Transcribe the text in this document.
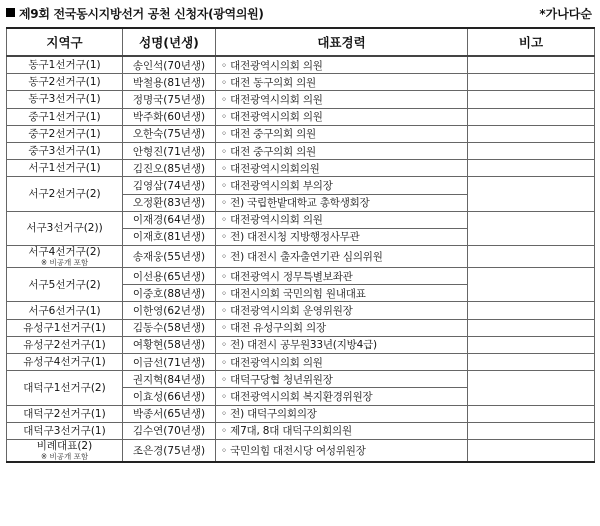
제9회 전국동시지방선거 공천 신청자(광역의원)	*가나다순
지역구	성명(년생)	대표경력	비고

동구1선거구(1)	송인석(70년생)	◦ 대전광역시의회 의원	

동구2선거구(1)	박철용(81년생)	◦ 대전 동구의회 의원	

동구3선거구(1)	정명국(75년생)	◦ 대전광역시의회 의원	

중구1선거구(1)	박주화(60년생)	◦ 대전광역시의회 의원	

중구2선거구(1)	오한숙(75년생)	◦ 대전 중구의회 의원	

중구3선거구(1)	안형진(71년생)	◦ 대전 중구의회 의원	

서구1선거구(1)	김진오(85년생)	◦ 대전광역시의회의원	

서구2선거구(2)	김영삼(74년생)	◦ 대전광역시의회 부의장	
	오정환(83년생)	◦ 전) 국립한밭대학교 총학생회장	

서구3선거구(2))	이재경(64년생)	◦ 대전광역시의회 의원	
	이재호(81년생)	◦ 전) 대전시청 지방행정사무관	

서구4선거구(2)
※ 비공개 포함	송재웅(55년생)	◦ 전) 대전시 출자출연기관 심의위원	

서구5선거구(2)	이선용(65년생)	◦ 대전광역시 정무특별보좌관	
	이중호(88년생)	◦ 대전시의회 국민의힘 원내대표	

서구6선거구(1)	이한영(62년생)	◦ 대전광역시의회 운영위원장	

유성구1선거구(1)	김동수(58년생)	◦ 대전 유성구의회 의장	

유성구2선거구(1)	여황현(58년생)	◦ 전) 대전시 공무원33년(지방4급)	

유성구4선거구(1)	이금선(71년생)	◦ 대전광역시의회 의원	

대덕구1선거구(2)	권지혁(84년생)	◦ 대덕구당협 청년위원장	
	이효성(66년생)	◦ 대전광역시의회 복지환경위원장	

대덕구2선거구(1)	박종서(65년생)	◦ 전) 대덕구의회의장	

대덕구3선거구(1)	김수연(70년생)	◦ 제7대, 8대 대덕구의회의원	

비례대표(2)
※ 비공개 포함	조은경(75년생)	◦ 국민의힘 대전시당 여성위원장	
